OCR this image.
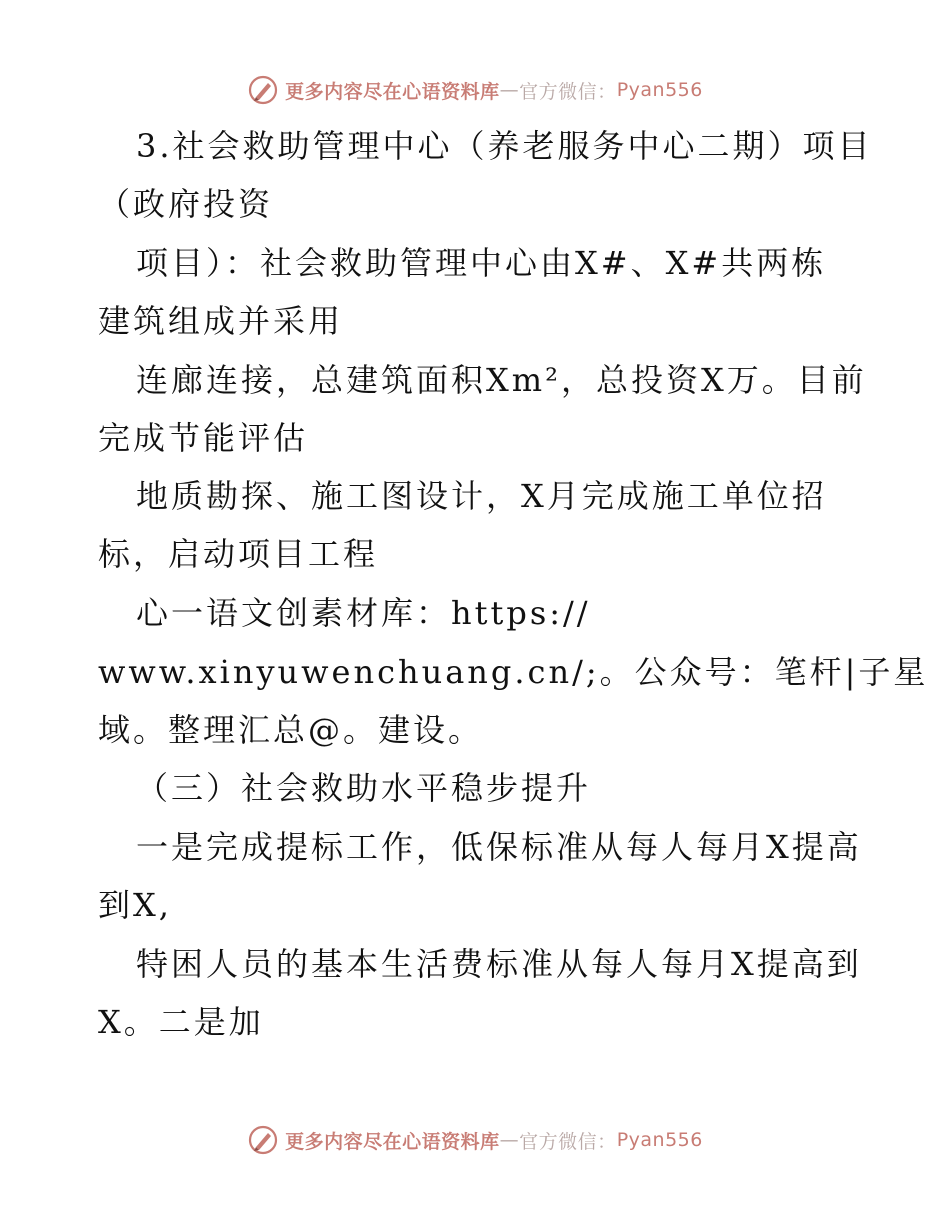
更多内容尽在心语资料库 — 官方微信： Pyan556
3.社会救助管理中心（养老服务中心二期）项目
（政府投资
项目）：社会救助管理中心由X#、X#共两栋
建筑组成并采用
连廊连接，总建筑面积Xm²，总投资X万。目前
完成节能评估
地质勘探、施工图设计，X月完成施工单位招
标，启动项目工程
心一语文创素材库：https://
www.xinyuwenchuang.cn/;。公众号：笔杆|子星
域。整理汇总@。建设。
（三）社会救助水平稳步提升
一是完成提标工作，低保标准从每人每月X提高
到X,
特困人员的基本生活费标准从每人每月X提高到
X。二是加
更多内容尽在心语资料库 — 官方微信： Pyan556
